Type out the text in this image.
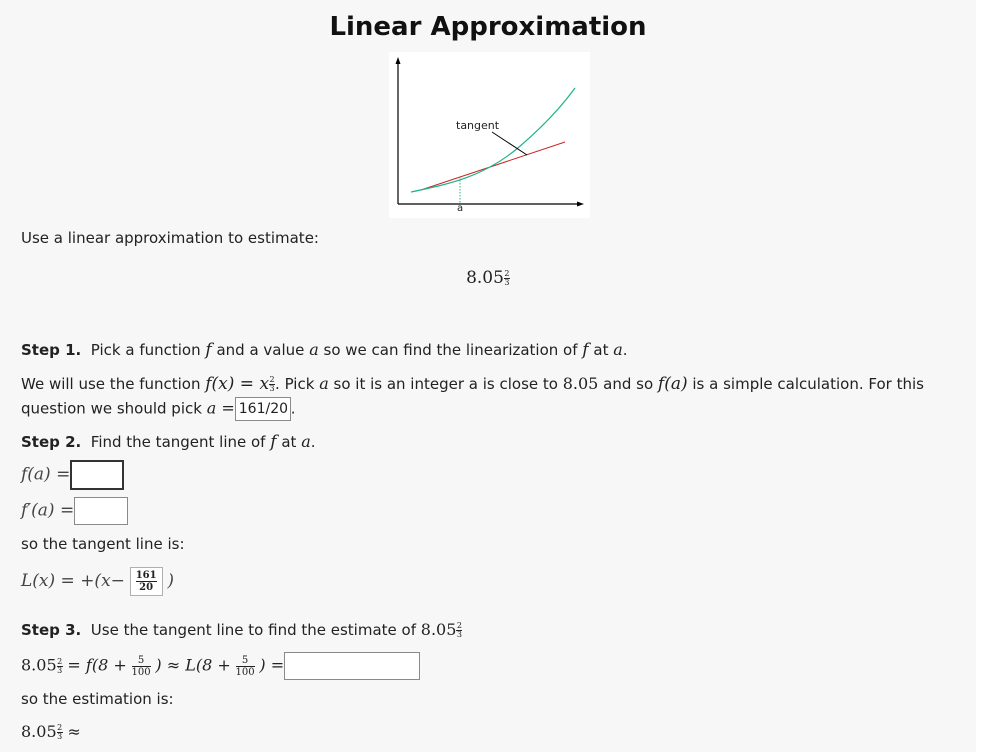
Linear Approximation
tangent
a
Use a linear approximation to estimate:
$8.05 \frac{2}{3}$
Step 1. Pick a function f and a value a so we can find the linearization of f at a.
We will use the function f(x) = x $\frac{2}{3}$ . Pick a so it is an integer a is close to 8.05 and so f(a) is a simple calculation. For this
question we should pick a =161/20	.
Step 2. Find the tangent line of f at a.
f(a) =
f′(a) =
so the tangent line is:
$L(x) = +(x- \frac{161}{20}$ )
Step 3. Use the tangent line to find the estimate of $8.05 \frac{2}{3}$
$8.05 \frac{2}{3} = f(8 + \frac{5}{100}$ ) ≈ $L(8 + \frac{5}{100}$ ) =
so the estimation is:
$8.05 \frac{2}{3}$ ≈
